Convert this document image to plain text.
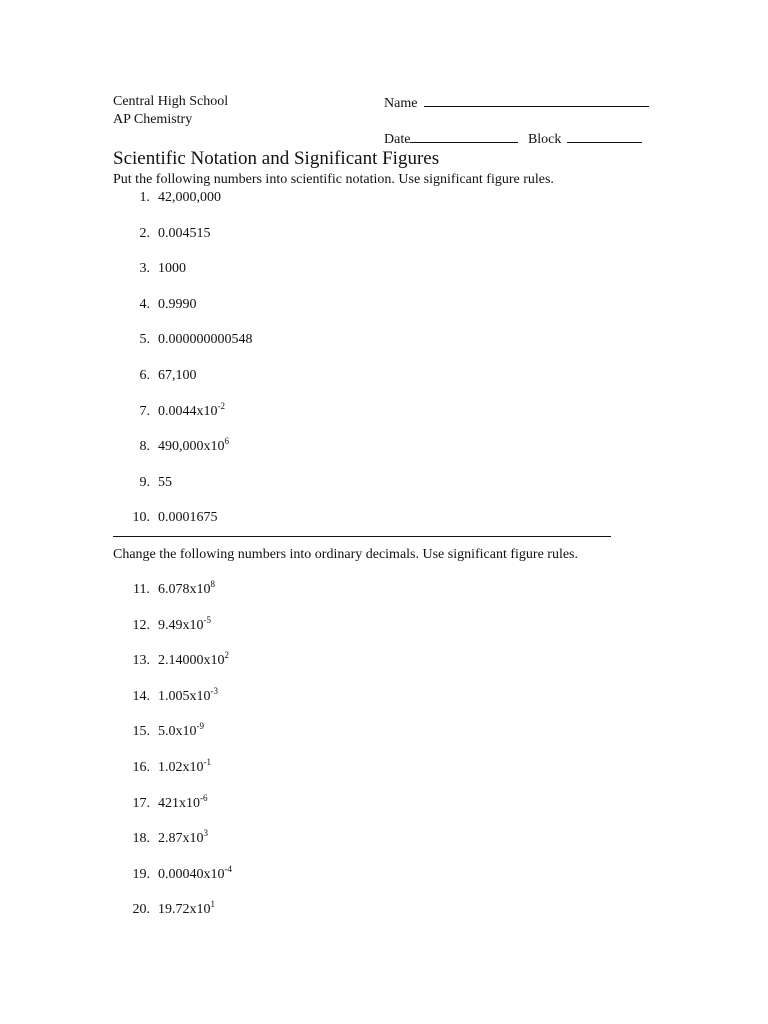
Central High School
AP Chemistry
Name
Date	Block
Scientific Notation and Significant Figures
Put the following numbers into scientific notation. Use significant figure rules.
1. 42,000,000
2. 0.004515
3. 1000
4. 0.9990
5. 0.000000000548
6. 67,100
7. $0.0044x10^{-2}$
8. $490,000x10^6$
9. 55
10. 0.0001675
Change the following numbers into ordinary decimals. Use significant figure rules.
11. $6.078x10^8$
12. $9.49x10^{-5}$
13. $2.14000x10^2$
14. $1.005x10^{-3}$
15. $5.0x10^{-9}$
16. $1.02x10^{-1}$
17. $421x10^{-6}$
18. $2.87x10^3$
19. $0.00040x10^{-4}$
20. $19.72x10^1$
